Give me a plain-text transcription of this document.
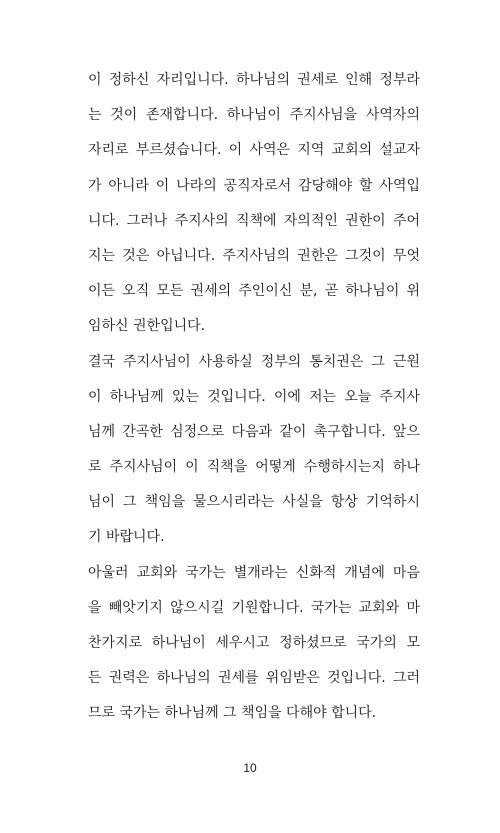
이 정하신 자리입니다. 하나님의 권세로 인해 정부라
는 것이 존재합니다. 하나님이 주지사님을 사역자의
자리로 부르셨습니다. 이 사역은 지역 교회의 설교자
가 아니라 이 나라의 공직자로서 감당해야 할 사역입
니다. 그러나 주지사의 직책에 자의적인 권한이 주어
지는 것은 아닙니다. 주지사님의 권한은 그것이 무엇
이든 오직 모든 권세의 주인이신 분, 곧 하나님이 위
임하신 권한입니다.
결국 주지사님이 사용하실 정부의 통치권은 그 근원
이 하나님께 있는 것입니다. 이에 저는 오늘 주지사
님께 간곡한 심정으로 다음과 같이 촉구합니다. 앞으
로 주지사님이 이 직책을 어떻게 수행하시는지 하나
님이 그 책임을 물으시리라는 사실을 항상 기억하시
기 바랍니다.
아울러 교회와 국가는 별개라는 신화적 개념에 마음
을 빼앗기지 않으시길 기원합니다. 국가는 교회와 마
찬가지로 하나님이 세우시고 정하셨므로 국가의 모
든 권력은 하나님의 권세를 위임받은 것입니다. 그러
므로 국가는 하나님께 그 책임을 다해야 합니다.
10
